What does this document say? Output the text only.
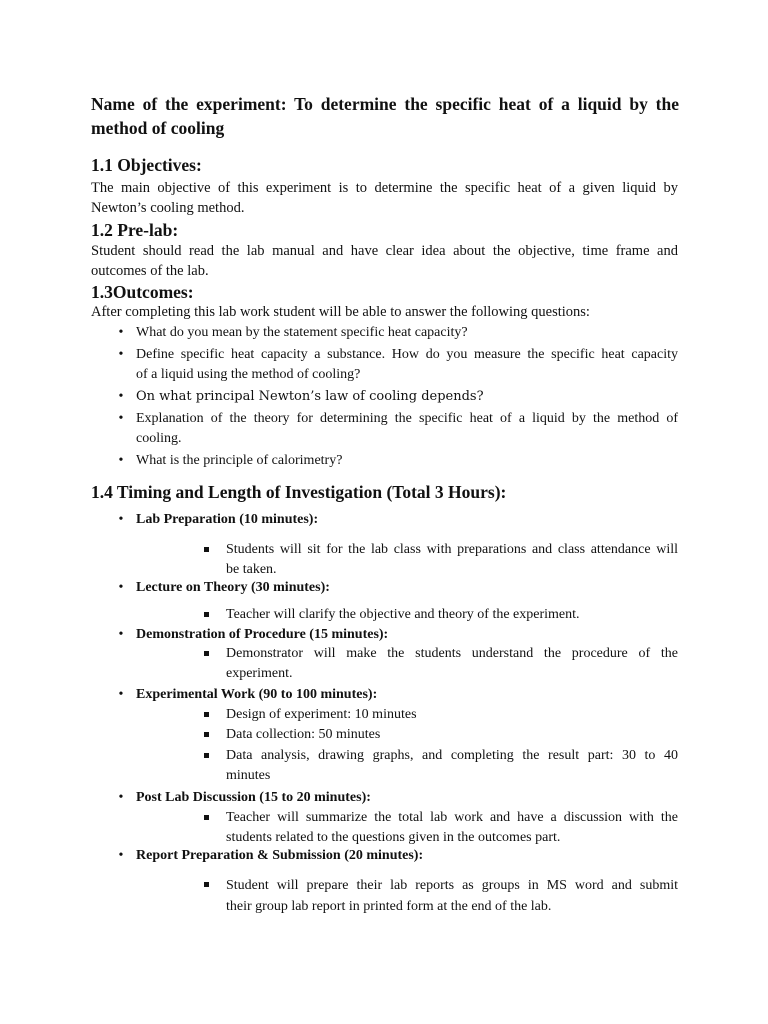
Name of the experiment: To determine the specific heat of a liquid by the
method of cooling
1.1 Objectives:
The main objective of this experiment is to determine the specific heat of a given liquid by
Newton’s cooling method.
1.2 Pre-lab:
Student should read the lab manual and have clear idea about the objective, time frame and
outcomes of the lab.
1.3Outcomes:
After completing this lab work student will be able to answer the following questions:
• What do you mean by the statement specific heat capacity?
• Define specific heat capacity a substance. How do you measure the specific heat capacity
of a liquid using the method of cooling?
• On what principal Newton’s law of cooling depends?
• Explanation of the theory for determining the specific heat of a liquid by the method of
cooling.
• What is the principle of calorimetry?
1.4 Timing and Length of Investigation (Total 3 Hours):
• Lab Preparation (10 minutes):
Students will sit for the lab class with preparations and class attendance will
be taken.
• Lecture on Theory (30 minutes):
Teacher will clarify the objective and theory of the experiment.
• Demonstration of Procedure (15 minutes):
Demonstrator will make the students understand the procedure of the
experiment.
• Experimental Work (90 to 100 minutes):
Design of experiment: 10 minutes
Data collection: 50 minutes
Data analysis, drawing graphs, and completing the result part: 30 to 40
minutes
• Post Lab Discussion (15 to 20 minutes):
Teacher will summarize the total lab work and have a discussion with the
students related to the questions given in the outcomes part.
• Report Preparation & Submission (20 minutes):
Student will prepare their lab reports as groups in MS word and submit
their group lab report in printed form at the end of the lab.
